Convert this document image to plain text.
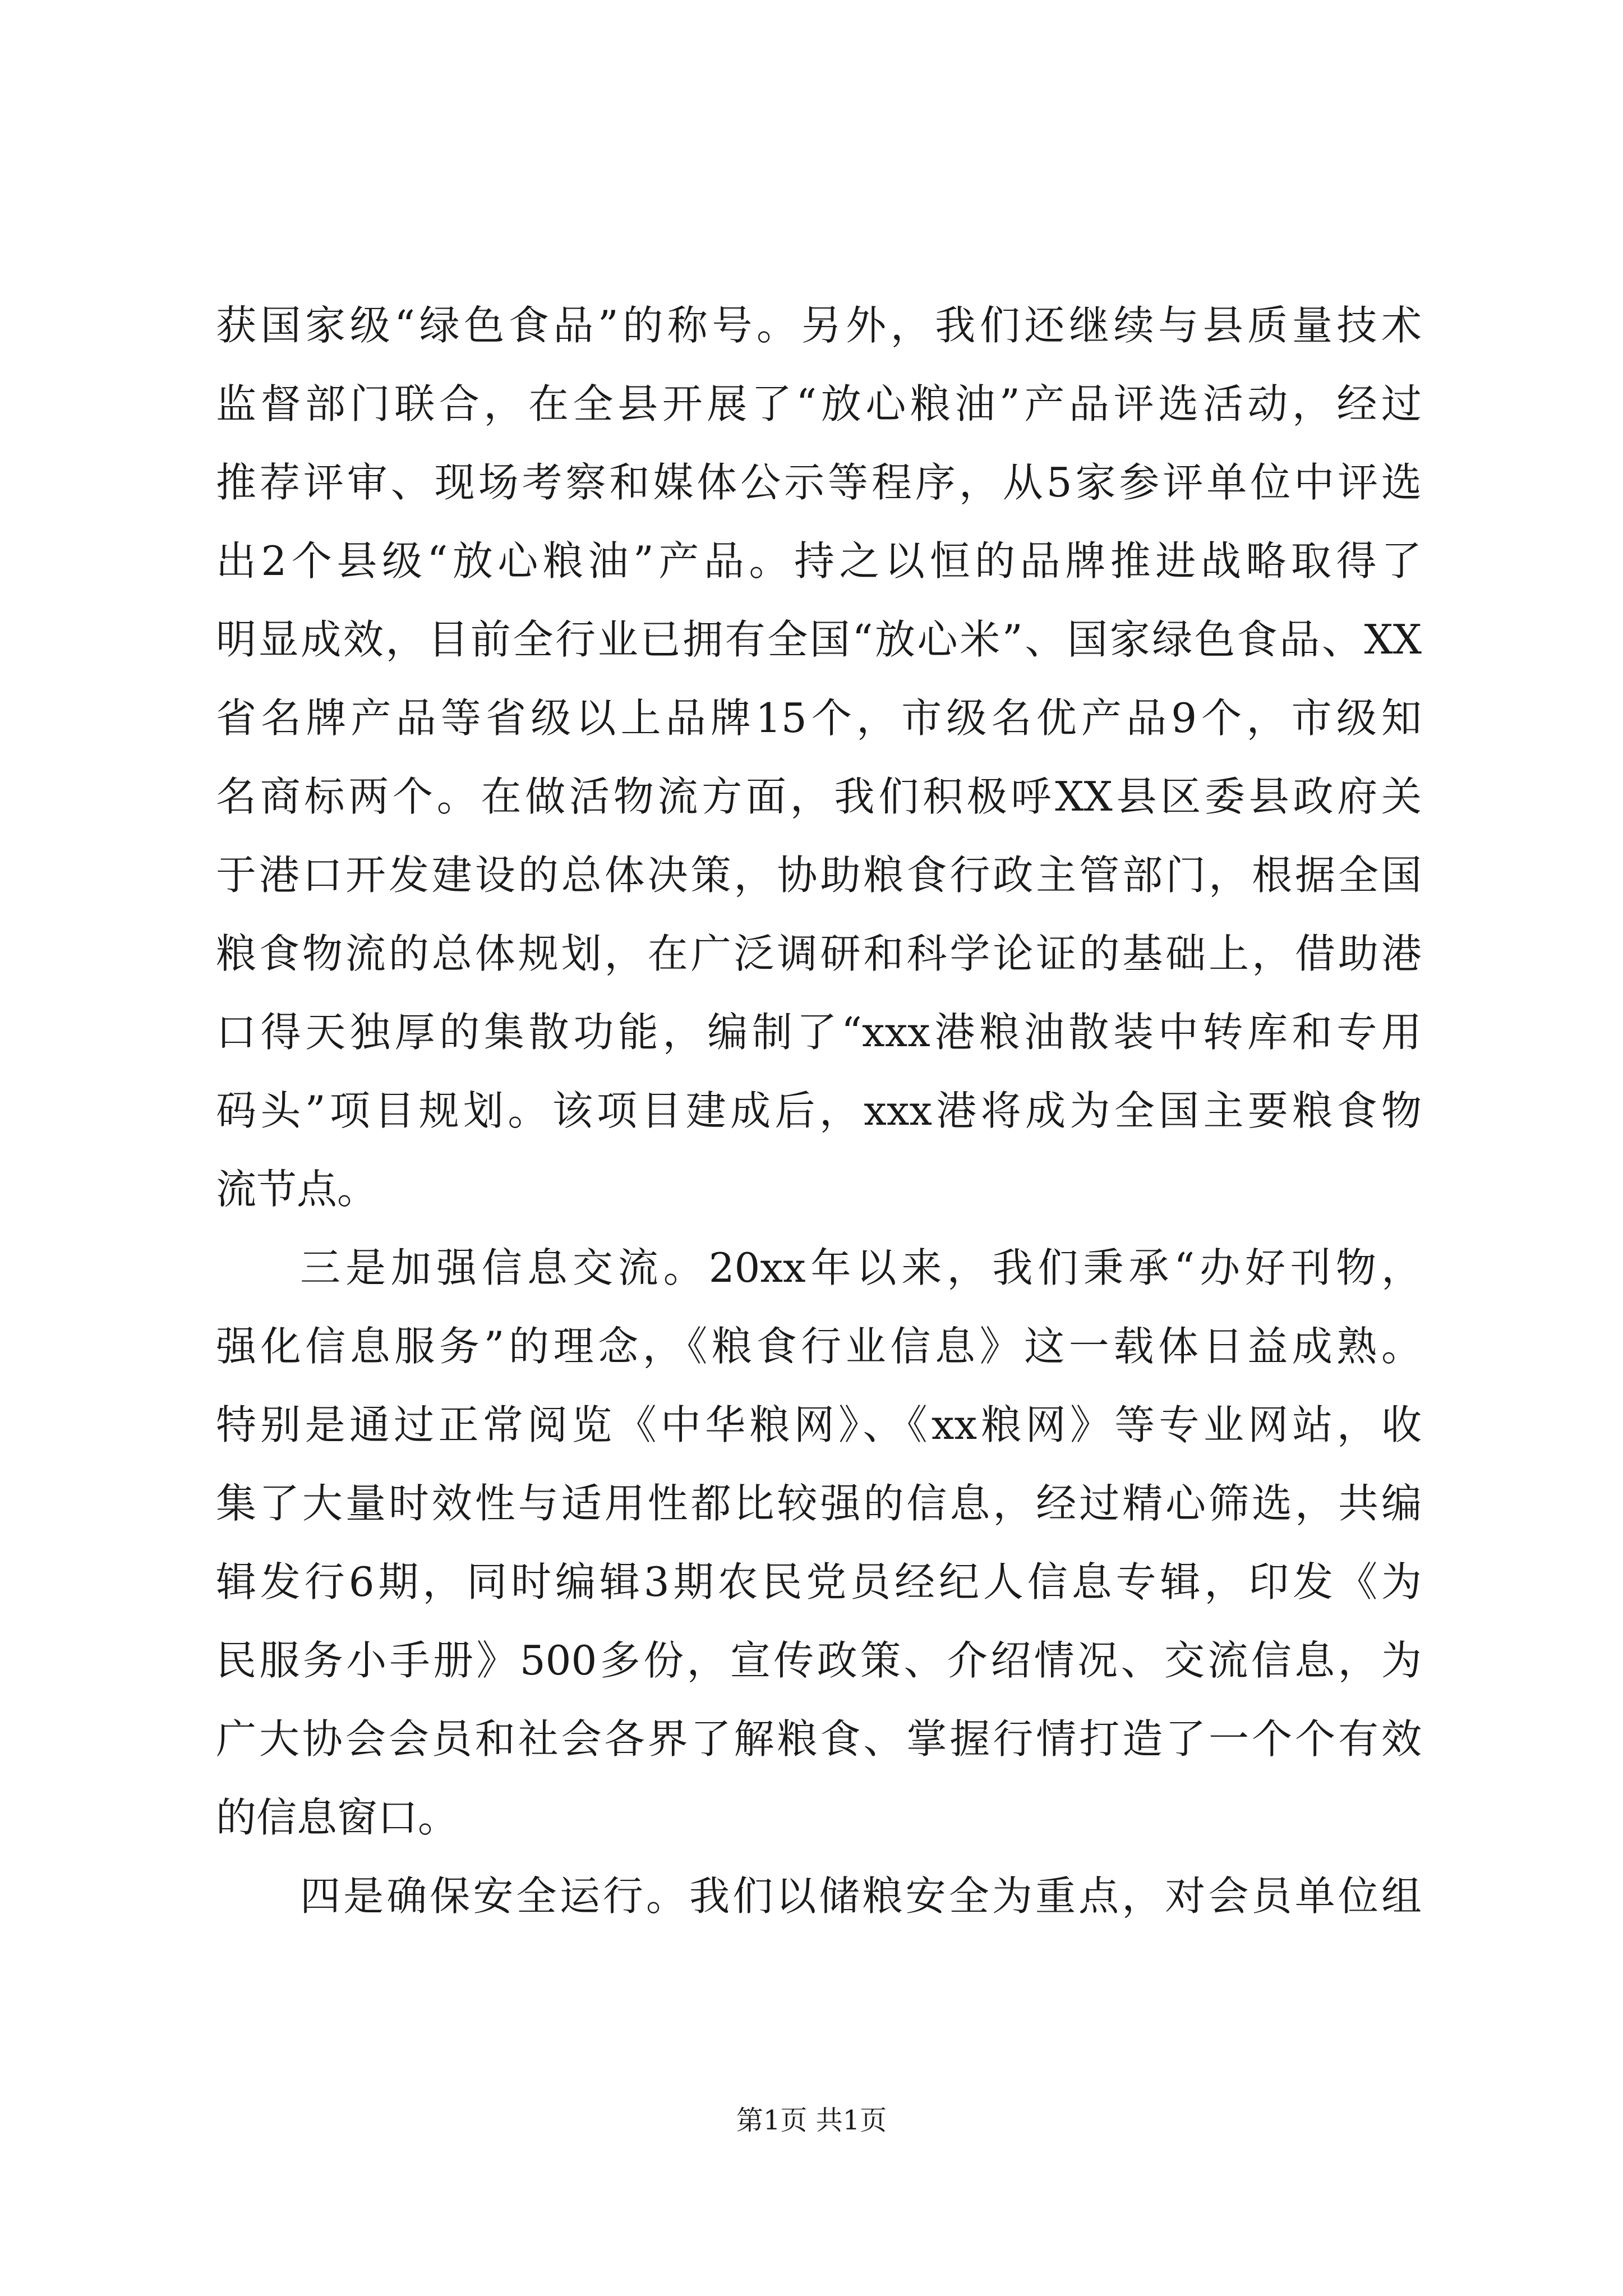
获国家级“绿色食品”的称号。另外，我们还继续与县质量技术

监督部门联合，在全县开展了“放心粮油”产品评选活动，经过

推荐评审、现场考察和媒体公示等程序，从5家参评单位中评选

出2个县级“放心粮油”产品。持之以恒的品牌推进战略取得了

明显成效，目前全行业已拥有全国“放心米”、国家绿色食品、XX

省名牌产品等省级以上品牌15个，市级名优产品9个，市级知

名商标两个。在做活物流方面，我们积极呼XX县区委县政府关

于港口开发建设的总体决策，协助粮食行政主管部门，根据全国

粮食物流的总体规划，在广泛调研和科学论证的基础上，借助港

口得天独厚的集散功能，编制了“xxx港粮油散装中转库和专用

码头”项目规划。该项目建成后，xxx港将成为全国主要粮食物

流节点。

三是加强信息交流。20xx年以来，我们秉承“办好刊物，

强化信息服务”的理念，《粮食行业信息》这一载体日益成熟。

特别是通过正常阅览《中华粮网》、《xx粮网》等专业网站，收

集了大量时效性与适用性都比较强的信息，经过精心筛选，共编

辑发行6期，同时编辑3期农民党员经纪人信息专辑，印发《为

民服务小手册》500多份，宣传政策、介绍情况、交流信息，为

广大协会会员和社会各界了解粮食、掌握行情打造了一个个有效

的信息窗口。

四是确保安全运行。我们以储粮安全为重点，对会员单位组

第1页 共1页
